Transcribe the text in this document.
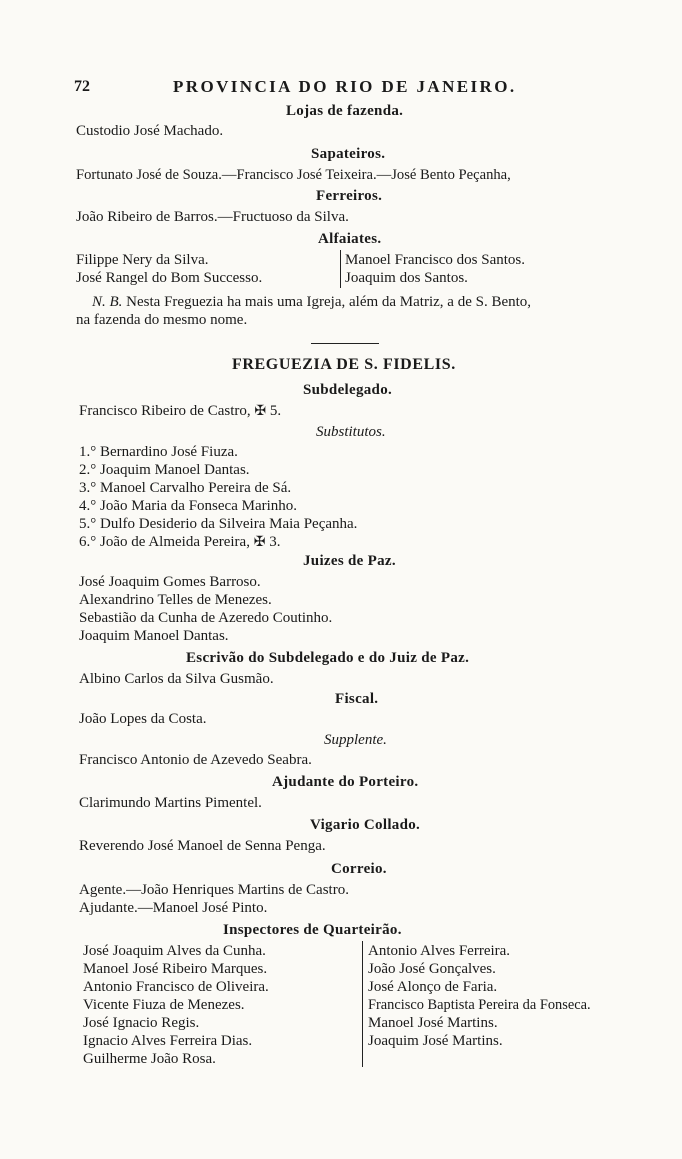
72	PROVINCIA DO RIO DE JANEIRO.
Lojas de fazenda.
Custodio José Machado.
Sapateiros.
Fortunato José de Souza.—Francisco José Teixeira.—José Bento Peçanha,
Ferreiros.
João Ribeiro de Barros.—Fructuoso da Silva.
Alfaiates.
Filippe Nery da Silva.
José Rangel do Bom Successo.
Manoel Francisco dos Santos.
Joaquim dos Santos.
N. B. Nesta Freguezia ha mais uma Igreja, além da Matriz, a de S. Bento,
na fazenda do mesmo nome.
FREGUEZIA DE S. FIDELIS.
Subdelegado.
Francisco Ribeiro de Castro, ✠ 5.
Substitutos.
1.° Bernardino José Fiuza.
2.° Joaquim Manoel Dantas.
3.° Manoel Carvalho Pereira de Sá.
4.° João Maria da Fonseca Marinho.
5.° Dulfo Desiderio da Silveira Maia Peçanha.
6.° João de Almeida Pereira, ✠ 3.
Juizes de Paz.
José Joaquim Gomes Barroso.
Alexandrino Telles de Menezes.
Sebastião da Cunha de Azeredo Coutinho.
Joaquim Manoel Dantas.
Escrivão do Subdelegado e do Juiz de Paz.
Albino Carlos da Silva Gusmão.
Fiscal.
João Lopes da Costa.
Supplente.
Francisco Antonio de Azevedo Seabra.
Ajudante do Porteiro.
Clarimundo Martins Pimentel.
Vigario Collado.
Reverendo José Manoel de Senna Penga.
Correio.
Agente.—João Henriques Martins de Castro.
Ajudante.—Manoel José Pinto.
Inspectores de Quarteirão.
José Joaquim Alves da Cunha.
Manoel José Ribeiro Marques.
Antonio Francisco de Oliveira.
Vicente Fiuza de Menezes.
José Ignacio Regis.
Ignacio Alves Ferreira Dias.
Guilherme João Rosa.
Antonio Alves Ferreira.
João José Gonçalves.
José Alonço de Faria.
Francisco Baptista Pereira da Fonseca.
Manoel José Martins.
Joaquim José Martins.
